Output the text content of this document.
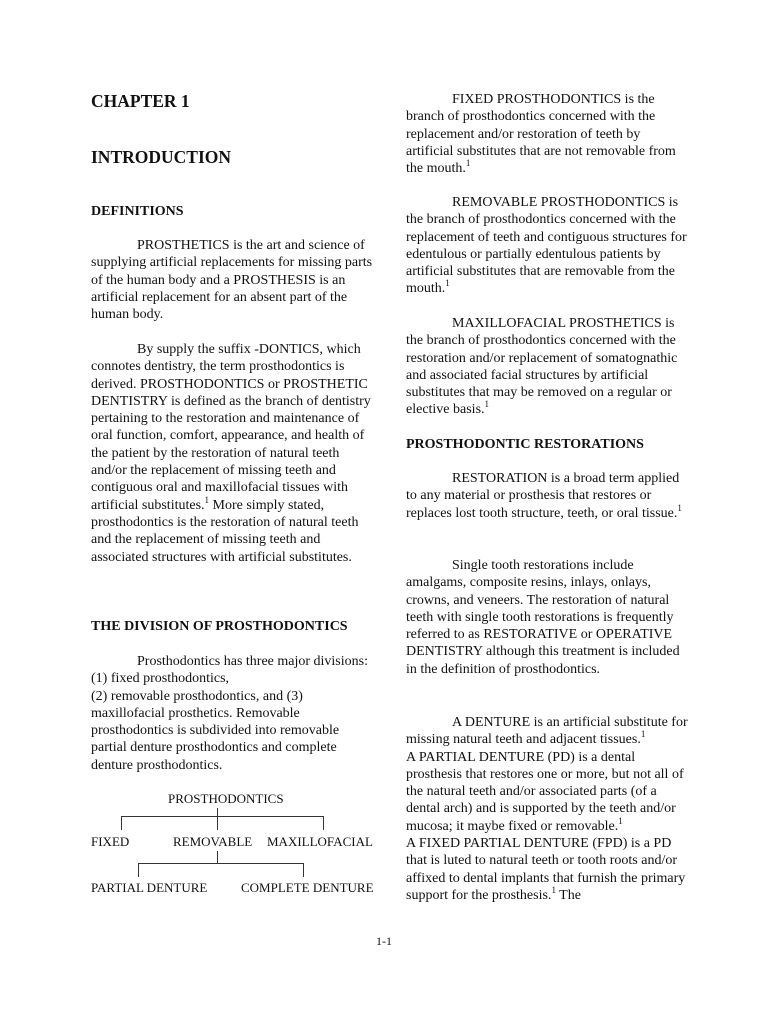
CHAPTER 1
INTRODUCTION
DEFINITIONS

PROSTHETICS is the art and science of supplying artificial replacements for missing parts of the human body and a PROSTHESIS is an artificial replacement for an absent part of the human body.

By supply the suffix -DONTICS, which connotes dentistry, the term prosthodontics is derived. PROSTHODONTICS or PROSTHETIC DENTISTRY is defined as the branch of dentistry pertaining to the restoration and maintenance of oral function, comfort, appearance, and health of the patient by the restoration of natural teeth and/or the replacement of missing teeth and contiguous oral and maxillofacial tissues with artificial substitutes.$^1$ More simply stated, prosthodontics is the restoration of natural teeth and the replacement of missing teeth and associated structures with artificial substitutes.

THE DIVISION OF PROSTHODONTICS

Prosthodontics has three major divisions: (1) fixed prosthodontics,

(2) removable prosthodontics, and (3) maxillofacial prosthetics. Removable prosthodontics is subdivided into removable partial denture prosthodontics and complete denture prosthodontics.

PROSTHODONTICS
FIXED	REMOVABLE MAXILLOFACIAL
PARTIAL DENTURE	COMPLETE DENTURE

FIXED PROSTHODONTICS is the branch of prosthodontics concerned with the replacement and/or restoration of teeth by artificial substitutes that are not removable from the mouth.$^1$

REMOVABLE PROSTHODONTICS is the branch of prosthodontics concerned with the replacement of teeth and contiguous structures for edentulous or partially edentulous patients by artificial substitutes that are removable from the mouth.$^1$

MAXILLOFACIAL PROSTHETICS is the branch of prosthodontics concerned with the restoration and/or replacement of somatognathic and associated facial structures by artificial substitutes that may be removed on a regular or elective basis.$^1$

PROSTHODONTIC RESTORATIONS

RESTORATION is a broad term applied to any material or prosthesis that restores or replaces lost tooth structure, teeth, or oral tissue.$^1$

Single tooth restorations include amalgams, composite resins, inlays, onlays, crowns, and veneers. The restoration of natural teeth with single tooth restorations is frequently referred to as RESTORATIVE or OPERATIVE DENTISTRY although this treatment is included in the definition of prosthodontics.

A DENTURE is an artificial substitute for missing natural teeth and adjacent tissues.$^1$
A PARTIAL DENTURE (PD) is a dental prosthesis that restores one or more, but not all of the natural teeth and/or associated parts (of a dental arch) and is supported by the teeth and/or mucosa; it maybe fixed or removable.$^1$
A FIXED PARTIAL DENTURE (FPD) is a PD that is luted to natural teeth or tooth roots and/or affixed to dental implants that furnish the primary support for the prosthesis.$^1$ The

1-1
